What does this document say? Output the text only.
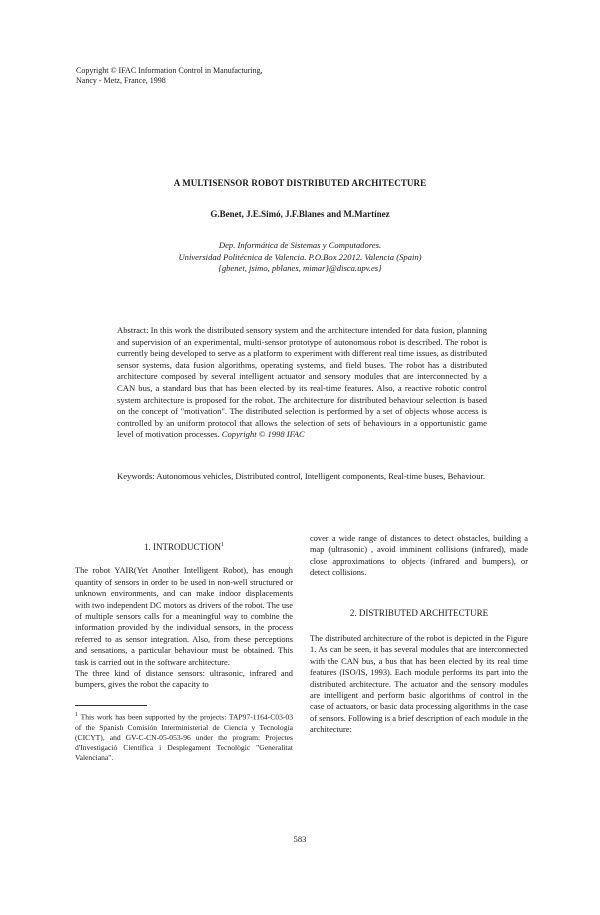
Copyright © IFAC Information Control in Manufacturing,
Nancy - Metz, France, 1998
A MULTISENSOR ROBOT DISTRIBUTED ARCHITECTURE
G.Benet, J.E.Simó, J.F.Blanes and M.Martínez
Dep. Informática de Sistemas y Computadores.
Universidad Politécnica de Valencia. P.O.Box 22012. Valencia (Spain)
{gbenet, jsimo, pblanes, mimar}@disca.upv.es}

Abstract: In this work the distributed sensory system and the architecture intended for data fusion, planning and supervision of an experimental, multi-sensor prototype of autonomous robot is described. The robot is currently being developed to serve as a platform to experiment with different real time issues, as distributed sensor systems, data fusion algorithms, operating systems, and field buses. The robot has a distributed architecture composed by several intelligent actuator and sensory modules that are interconnected by a CAN bus, a standard bus that has been elected by its real-time features. Also, a reactive robotic control system architecture is proposed for the robot. The architecture for distributed behaviour selection is based on the concept of "motivation". The distributed selection is performed by a set of objects whose access is controlled by an uniform protocol that allows the selection of sets of behaviours in a opportunistic game level of motivation processes. Copyright © 1998 IFAC

Keywords: Autonomous vehicles, Distributed control, Intelligent components, Real-time buses, Behaviour.

1. INTRODUCTION$^1$

The robot YAIR(Yet Another Intelligent Robot), has enough quantity of sensors in order to be used in non-well structured or unknown environments, and can make indoor displacements with two independent DC motors as drivers of the robot. The use of multiple sensors calls for a meaningful way to combine the information provided by the individual sensors, in the process referred to as sensor integration. Also, from these perceptions and sensations, a particular behaviour must be obtained. This task is carried out in the software architecture.

The three kind of distance sensors: ultrasonic, infrared and bumpers, gives the robot the capacity to

$^1$ This work has been supported by the projects: TAP97-1164-C03-03 of the Spanish Comisión Interministerial de Ciencia y Tecnología (CICYT), and GV-C-CN-05-053-96 under the program: Projectes d'Investigació Científica i Desplegament Tecnològic "Generalitat Valenciana".

cover a wide range of distances to detect obstacles, building a map (ultrasonic) , avoid imminent collisions (infrared), made close approximations to objects (infrared and bumpers), or detect collisions.

2. DISTRIBUTED ARCHITECTURE

The distributed architecture of the robot is depicted in the Figure 1. As can be seen, it has several modules that are interconnected with the CAN bus, a bus that has been elected by its real time features (ISO/IS, 1993). Each module performs its part into the distributed architecture. The actuator and the sensory modules are intelligent and perform basic algorithms of control in the case of actuators, or basic data processing algorithms in the case of sensors. Following is a brief description of each module in the architecture:

583
